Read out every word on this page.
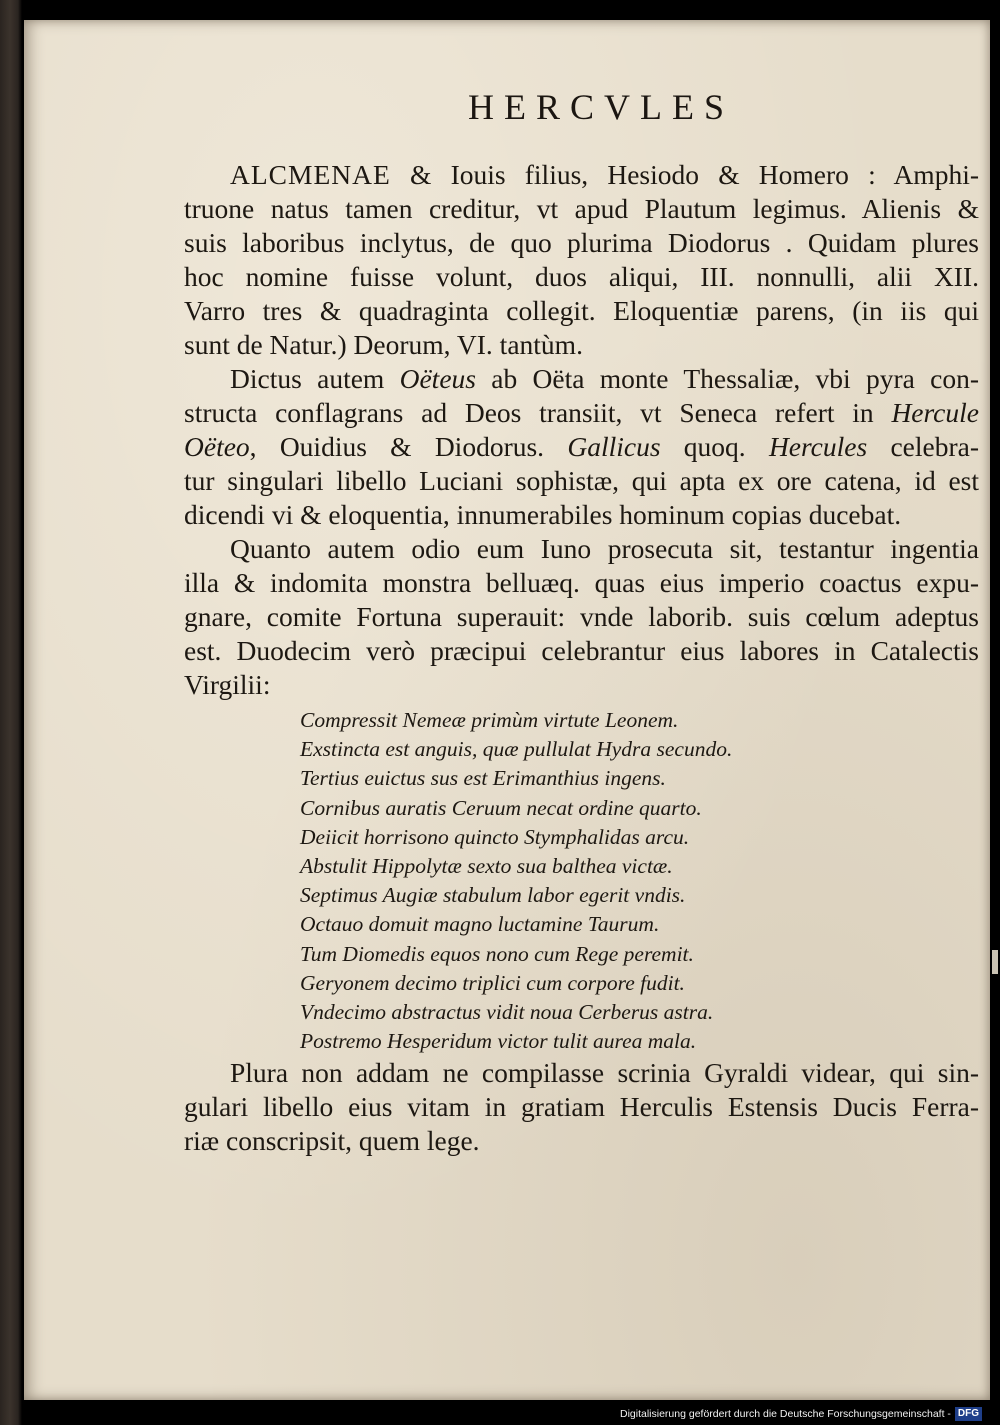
HERCVLES

ALCMENAE & Iouis filius, Hesiodo & Homero : Amphi-
truone natus tamen creditur, vt apud Plautum legimus. Alienis &
suis laboribus inclytus, de quo plurima Diodorus . Quidam plures
hoc nomine fuisse volunt, duos aliqui, III. nonnulli, alii XII.
Varro tres & quadraginta collegit. Eloquentiæ parens, (in iis qui
sunt de Natur.) Deorum, VI. tantùm.

Dictus autem Oëteus ab Oëta monte Thessaliæ, vbi pyra con-
structa conflagrans ad Deos transiit, vt Seneca refert in Hercule
Oëteo, Ouidius & Diodorus. Gallicus quoq. Hercules celebra-
tur singulari libello Luciani sophistæ, qui apta ex ore catena, id est
dicendi vi & eloquentia, innumerabiles hominum copias ducebat.

Quanto autem odio eum Iuno prosecuta sit, testantur ingentia
illa & indomita monstra belluæq. quas eius imperio coactus expu-
gnare, comite Fortuna superauit: vnde laborib. suis cœlum adeptus
est. Duodecim verò præcipui celebrantur eius labores in Catalectis
Virgilii:

Compressit Nemeæ primùm virtute Leonem.
Exstincta est anguis, quæ pullulat Hydra secundo.
Tertius euictus sus est Erimanthius ingens.
Cornibus auratis Ceruum necat ordine quarto.
Deiicit horrisono quincto Stymphalidas arcu.
Abstulit Hippolytæ sexto sua balthea victæ.
Septimus Augiæ stabulum labor egerit vndis.
Octauo domuit magno luctamine Taurum.
Tum Diomedis equos nono cum Rege peremit.
Geryonem decimo triplici cum corpore fudit.
Vndecimo abstractus vidit noua Cerberus astra.
Postremo Hesperidum victor tulit aurea mala.

Plura non addam ne compilasse scrinia Gyraldi videar, qui sin-
gulari libello eius vitam in gratiam Herculis Estensis Ducis Ferra-
riæ conscripsit, quem lege.

Digitalisierung gefördert durch die Deutsche Forschungsgemeinschaft - DFG
